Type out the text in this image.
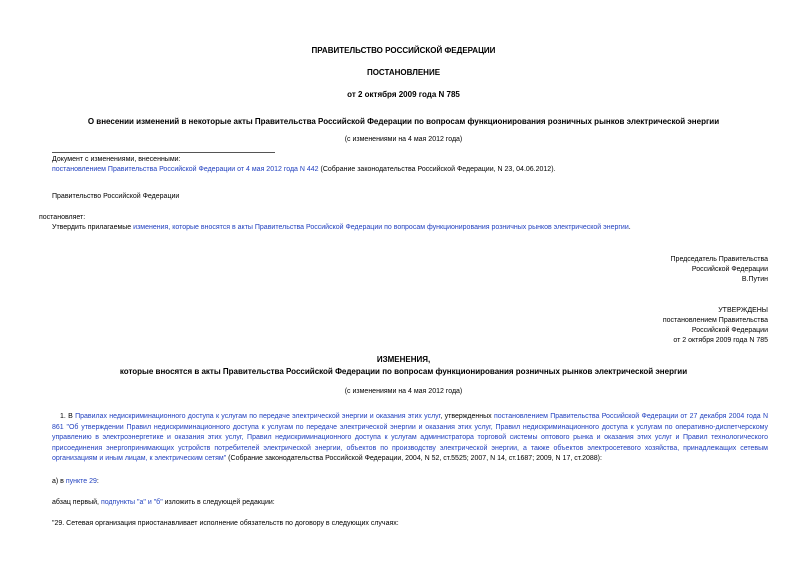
ПРАВИТЕЛЬСТВО РОССИЙСКОЙ ФЕДЕРАЦИИ
ПОСТАНОВЛЕНИЕ
от 2 октября 2009 года N 785
О внесении изменений в некоторые акты Правительства Российской Федерации по вопросам функционирования розничных рынков электрической энергии
(с изменениями на 4 мая 2012 года)
Документ с изменениями, внесенными:
постановлением Правительства Российской Федерации от 4 мая 2012 года N 442 (Собрание законодательства Российской Федерации, N 23, 04.06.2012).
Правительство Российской Федерации
постановляет:
Утвердить прилагаемые изменения, которые вносятся в акты Правительства Российской Федерации по вопросам функционирования розничных рынков электрической энергии.
Председатель Правительства
Российской Федерации
В.Путин
УТВЕРЖДЕНЫ
постановлением Правительства
Российской Федерации
от 2 октября 2009 года N 785
ИЗМЕНЕНИЯ,
которые вносятся в акты Правительства Российской Федерации по вопросам функционирования розничных рынков электрической энергии
(с изменениями на 4 мая 2012 года)
1. В Правилах недискриминационного доступа к услугам по передаче электрической энергии и оказания этих услуг, утвержденных постановлением Правительства Российской Федерации от 27 декабря 2004 года N 861 "Об утверждении Правил недискриминационного доступа к услугам по передаче электрической энергии и оказания этих услуг, Правил недискриминационного доступа к услугам по оперативно-диспетчерскому управлению в электроэнергетике и оказания этих услуг, Правил недискриминационного доступа к услугам администратора торговой системы оптового рынка и оказания этих услуг и Правил технологического присоединения энергопринимающих устройств потребителей электрической энергии, объектов по производству электрической энергии, а также объектов электросетевого хозяйства, принадлежащих сетевым организациям и иным лицам, к электрическим сетям" (Собрание законодательства Российской Федерации, 2004, N 52, ст.5525; 2007, N 14, ст.1687; 2009, N 17, ст.2088):
а) в пункте 29:
абзац первый, подпункты "а" и "б" изложить в следующей редакции:
"29. Сетевая организация приостанавливает исполнение обязательств по договору в следующих случаях:
